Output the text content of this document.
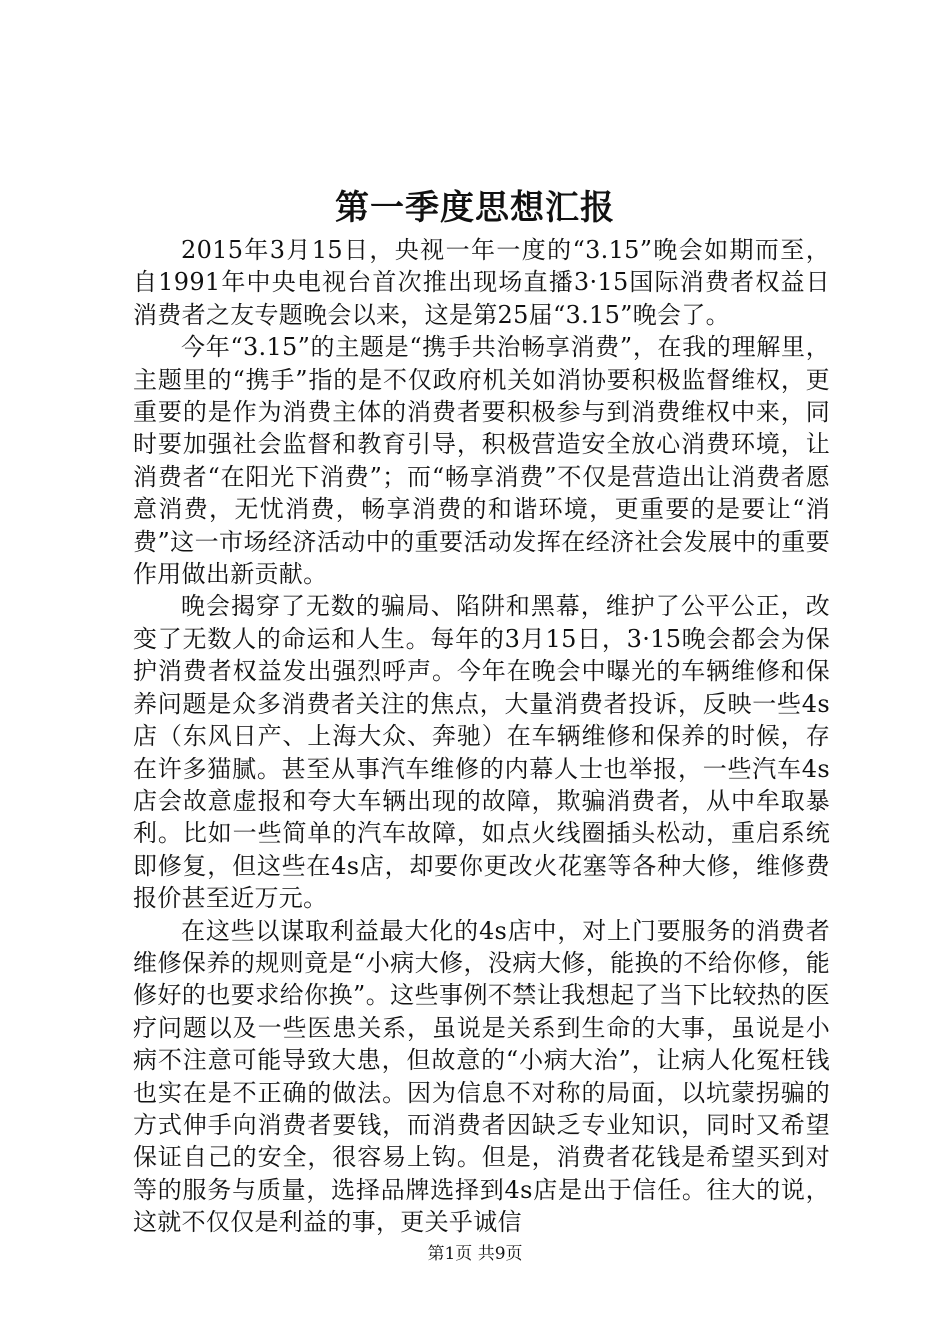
第一季度思想汇报

2015年3月15日，央视一年一度的“3.15”晚会如期而至，自1991年中央电视台首次推出现场直播3·15国际消费者权益日消费者之友专题晚会以来，这是第25届“3.15”晚会了。

今年“3.15”的主题是“携手共治畅享消费”，在我的理解里，主题里的“携手”指的是不仅政府机关如消协要积极监督维权，更重要的是作为消费主体的消费者要积极参与到消费维权中来，同时要加强社会监督和教育引导，积极营造安全放心消费环境，让消费者“在阳光下消费”；而“畅享消费”不仅是营造出让消费者愿意消费，无忧消费，畅享消费的和谐环境，更重要的是要让“消费”这一市场经济活动中的重要活动发挥在经济社会发展中的重要作用做出新贡献。

晚会揭穿了无数的骗局、陷阱和黑幕，维护了公平公正，改变了无数人的命运和人生。每年的3月15日，3·15晚会都会为保护消费者权益发出强烈呼声。今年在晚会中曝光的车辆维修和保养问题是众多消费者关注的焦点，大量消费者投诉，反映一些4s店（东风日产、上海大众、奔驰）在车辆维修和保养的时候，存在许多猫腻。甚至从事汽车维修的内幕人士也举报，一些汽车4s店会故意虚报和夸大车辆出现的故障，欺骗消费者，从中牟取暴利。比如一些简单的汽车故障，如点火线圈插头松动，重启系统即修复，但这些在4s店，却要你更改火花塞等各种大修，维修费报价甚至近万元。

在这些以谋取利益最大化的4s店中，对上门要服务的消费者维修保养的规则竟是“小病大修，没病大修，能换的不给你修，能修好的也要求给你换”。这些事例不禁让我想起了当下比较热的医疗问题以及一些医患关系，虽说是关系到生命的大事，虽说是小病不注意可能导致大患，但故意的“小病大治”，让病人化冤枉钱也实在是不正确的做法。因为信息不对称的局面，以坑蒙拐骗的方式伸手向消费者要钱，而消费者因缺乏专业知识，同时又希望保证自己的安全，很容易上钩。但是，消费者花钱是希望买到对等的服务与质量，选择品牌选择到4s店是出于信任。往大的说，这就不仅仅是利益的事，更关乎诚信

第1页 共9页
